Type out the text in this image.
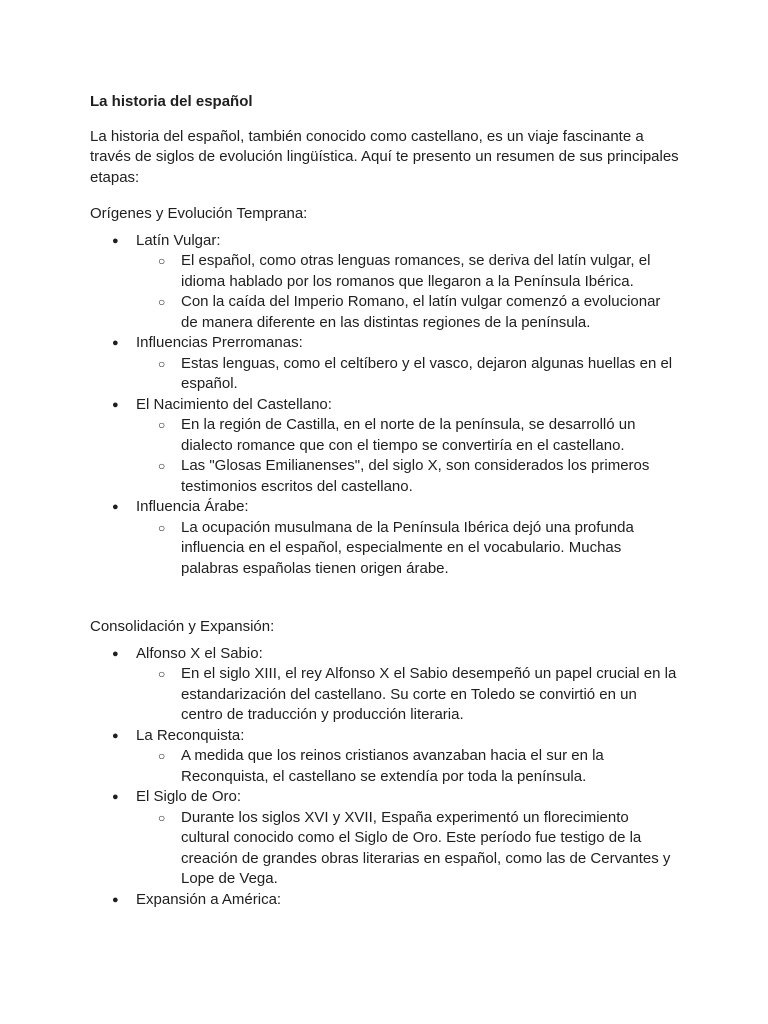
La historia del español
La historia del español, también conocido como castellano, es un viaje fascinante a través de siglos de evolución lingüística. Aquí te presento un resumen de sus principales etapas:
Orígenes y Evolución Temprana:
● Latín Vulgar:
○ El español, como otras lenguas romances, se deriva del latín vulgar, el idioma hablado por los romanos que llegaron a la Península Ibérica.
○ Con la caída del Imperio Romano, el latín vulgar comenzó a evolucionar de manera diferente en las distintas regiones de la península.
● Influencias Prerromanas:
○ Estas lenguas, como el celtíbero y el vasco, dejaron algunas huellas en el español.
● El Nacimiento del Castellano:
○ En la región de Castilla, en el norte de la península, se desarrolló un dialecto romance que con el tiempo se convertiría en el castellano.
○ Las "Glosas Emilianenses", del siglo X, son considerados los primeros testimonios escritos del castellano.
● Influencia Árabe:
○ La ocupación musulmana de la Península Ibérica dejó una profunda influencia en el español, especialmente en el vocabulario. Muchas palabras españolas tienen origen árabe.
Consolidación y Expansión:
● Alfonso X el Sabio:
○ En el siglo XIII, el rey Alfonso X el Sabio desempeñó un papel crucial en la estandarización del castellano. Su corte en Toledo se convirtió en un centro de traducción y producción literaria.
● La Reconquista:
○ A medida que los reinos cristianos avanzaban hacia el sur en la Reconquista, el castellano se extendía por toda la península.
● El Siglo de Oro:
○ Durante los siglos XVI y XVII, España experimentó un florecimiento cultural conocido como el Siglo de Oro. Este período fue testigo de la creación de grandes obras literarias en español, como las de Cervantes y Lope de Vega.
● Expansión a América:
